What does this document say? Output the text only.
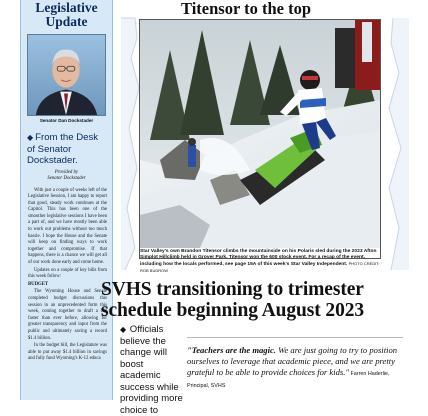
Legislative
Update
Senator Dan Dockstader
◆ From the Desk of Senator Dockstader.
Provided by
Senator Dockstader

With just a couple of weeks left of the Legislative Session, I am happy to report that good, steady work continues at the Capitol. This has been one of the smoother legislative sessions I have been a part of, and we have mostly been able to work out problems without too much hassle. I hope the House and the Senate will keep on finding ways to work together and compromise. If that happens, there is a chance we will get all of our work done early and come home.

Updates on a couple of key bills from this week follow:

BUDGET

The Wyoming House and Senate completed budget discussions this session in an unprecedented form this week, coming together to draft a bill faster than ever before, allowing for greater transparency and input from the public and ultimately saving a record $1.4 billion.

In the budget bill, the Legislature was able to put away $1.4 billion in savings and fully fund Wyoming's K-12 educa

Titensor to the top
Star Valley's own Brandon Titensor climbs the mountainside on his Polaris sled during the 2023 Afton Simplot Hillclimb held in Grover Park. Titensor won the 600 stock event. For a recap of the event, including how the locals performed, see page 15A of this week's Star Valley Independent. PHOTO CREDIT: ROB BUDROW
SVHS transitioning to trimester schedule beginning August 2023
◆ Officials believe the change will boost academic success while providing more choice to
"Teachers are the magic. We are just going to try to position ourselves to leverage that academic piece, and we are pretty grateful to be able to provide choices for kids." Farren Haderlie, Principal, SVHS
